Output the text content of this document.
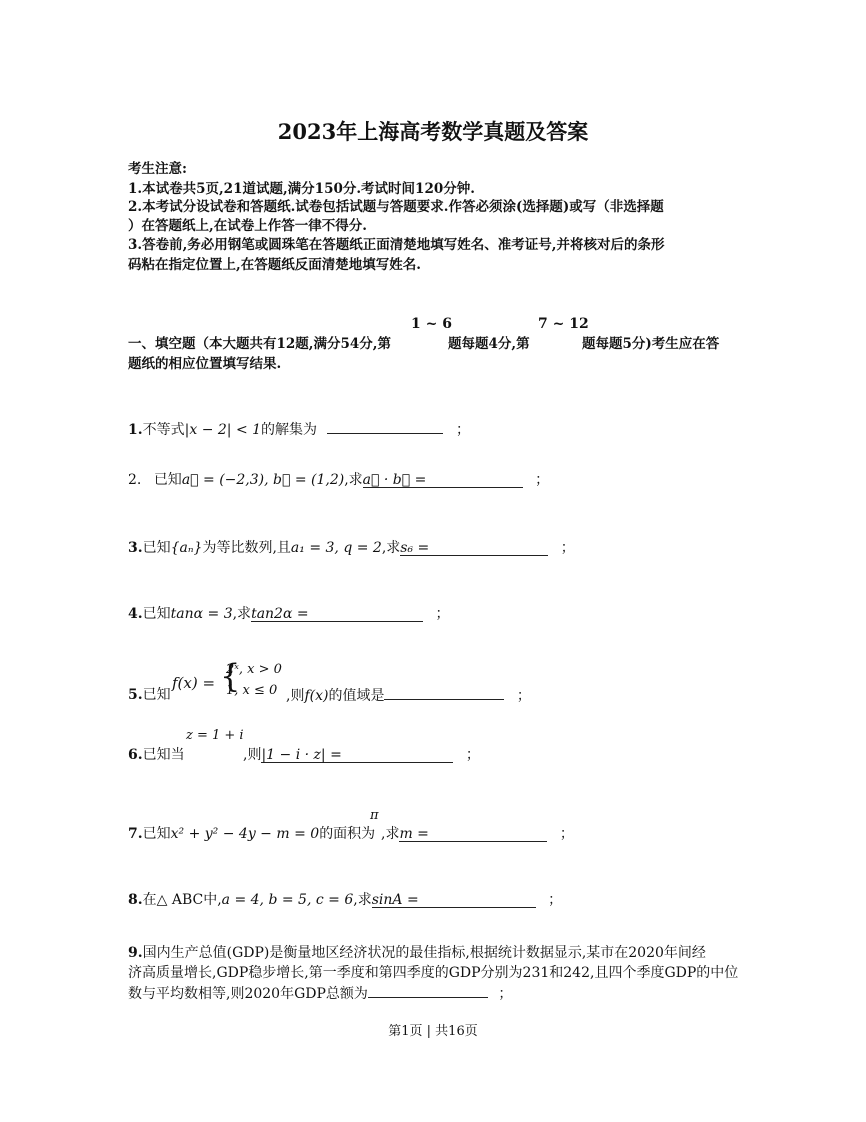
2023年上海高考数学真题及答案
考生注意:
1.本试卷共5页,21道试题,满分150分.考试时间120分钟.
2.本考试分设试卷和答题纸.试卷包括试题与答题要求.作答必须涂(选择题)或写（非选择题
）在答题纸上,在试卷上作答一律不得分.
3.答卷前,务必用钢笔或圆珠笔在答题纸正面清楚地填写姓名、准考证号,并将核对后的条形
码粘在指定位置上,在答题纸反面清楚地填写姓名.
1 ~ 6	7 ~ 12
一、填空题（本大题共有12题,满分54分,第	题每题4分,第	题每题5分)考生应在答
题纸的相应位置填写结果.
1.不等式|x − 2| < 1的解集为	；
2. 已知a⃗ = (−2,3), b⃗ = (1,2),求a⃗ · b⃗ =	；
3.已知{aₙ}为等比数列,且a₁ = 3, q = 2,求s₆ =	；
4.已知tanα = 3,求tan2α =	；
5.已知
f(x) = {
2ˣ, x > 0
1, x ≤ 0 ,则f(x)的值域是	；
z = 1 + i
6.已知当	,则|1 − i · z| =	；
π
7.已知x² + y² − 4y − m = 0的面积为 ,求m =	；
8.在△ ABC中,a = 4, b = 5, c = 6,求sinA =	；
9.国内生产总值(GDP)是衡量地区经济状况的最佳指标,根据统计数据显示,某市在2020年间经
济高质量增长,GDP稳步增长,第一季度和第四季度的GDP分别为231和242,且四个季度GDP的中位
数与平均数相等,则2020年GDP总额为	；
第1页 | 共16页
